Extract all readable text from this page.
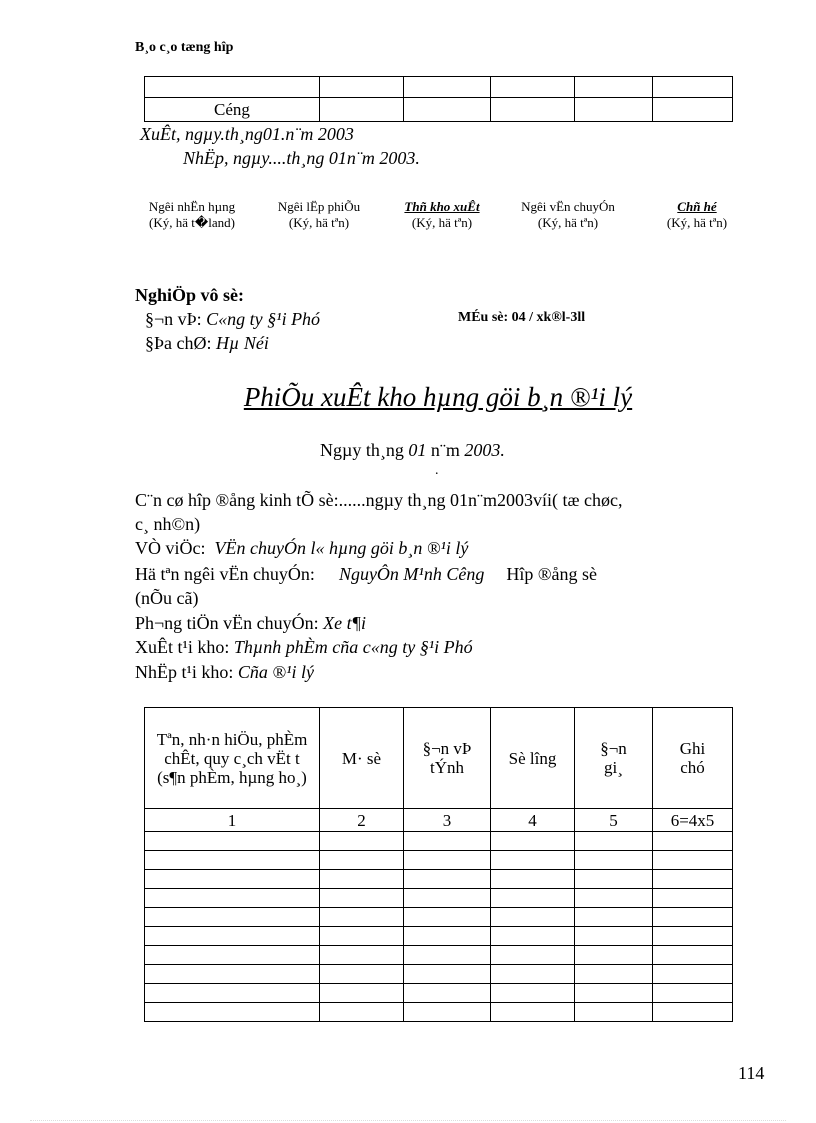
B¸o c¸o tæng hîp

Céng					
XuÊt, ngµy.th¸ng01.n¨m 2003
NhËp, ngµy....th¸ng 01n¨m 2003.
Ngêi nhËn hµng
(Ký, hä t�land)
Ngêi lËp phiÕu
(Ký, hä tªn)
Thñ kho xuÊt
(Ký, hä tªn)
Ngêi vËn chuyÓn
(Ký, hä tªn)
Chñ hé
(Ký, hä tªn)
NghiÖp vô sè:
§¬n vÞ: C«ng ty §¹i Phó
§Þa chØ: Hµ Néi
MÉu sè: 04 / xk®l-3ll
PhiÕu xuÊt kho hµng göi b¸n ®¹i lý
Ngµy th¸ng 01 n¨m 2003.
.
C¨n cø hîp ®ång kinh tÕ sè:......ngµy th¸ng 01n¨m2003víi( tæ chøc,
c¸ nh©n)
VÒ viÖc: VËn chuyÓn l« hµng göi b¸n ®¹i lý
Hä tªn ngêi vËn chuyÓn: NguyÔn M¹nh Cêng Hîp ®ång sè
(nÕu cã)
Ph¬ng tiÖn vËn chuyÓn: Xe t¶i
XuÊt t¹i kho: Thµnh phÈm cña c«ng ty §¹i Phó
NhËp t¹i kho: Cña ®¹i lý
Tªn, nh·n hiÖu, phÈm chÊt, quy c¸ch vËt t (s¶n phÈm, hµng ho¸)	M· sè	§¬n vÞ tÝnh	Sè lîng	§¬n gi¸	Ghi chó
1	2	3	4	5	6=4x5

114
